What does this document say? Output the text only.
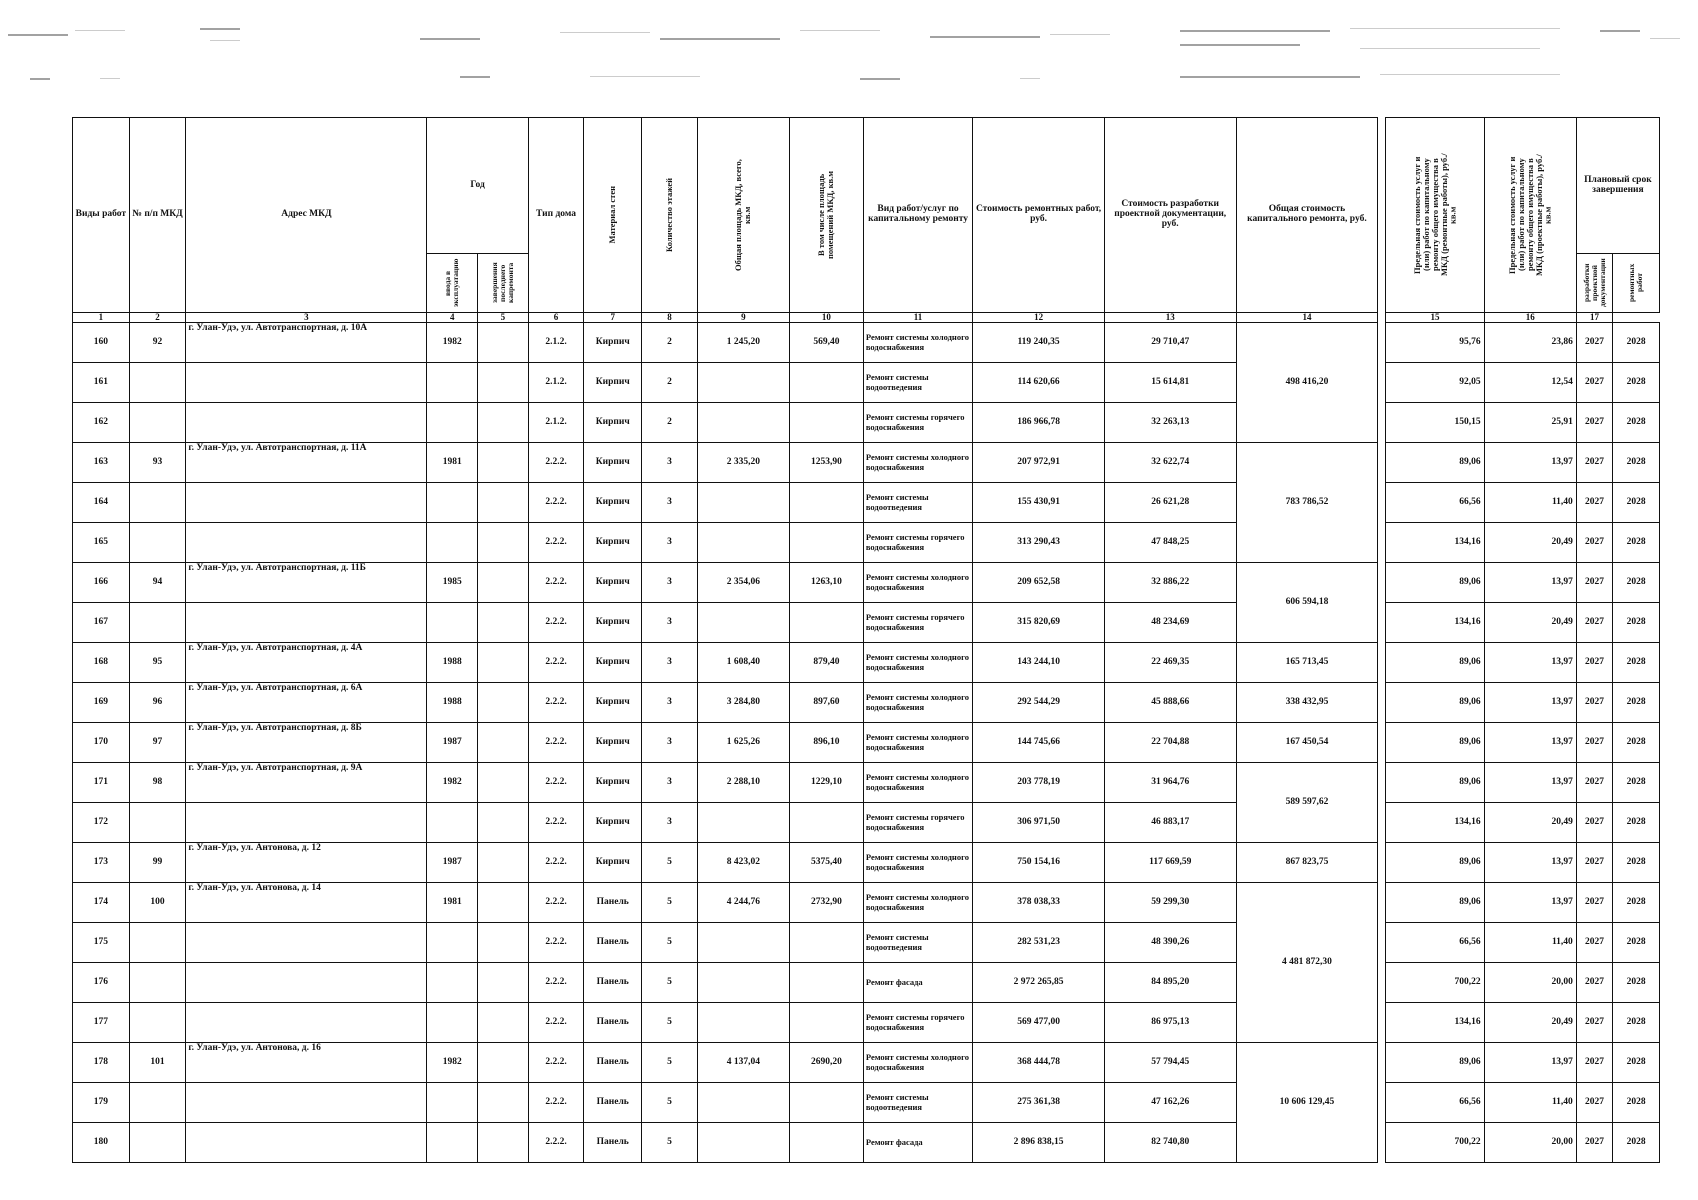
Виды работ	№ п/п МКД	Адрес МКД	Год		Тип дома	Материал стен	Количество этажей	Общая площадь МКД, всего, кв.м	В том числе площадь помещений МКД, кв.м	Вид работ/услуг по капитальному ремонту	Стоимость ремонтных работ, руб.	Стоимость разработки проектной документации, руб.	Общая стоимость капитального ремонта, руб.		Предельная стоимость услуг и (или) работ по капитальному ремонту общего имущества в МКД (ремонтные работы), руб./кв.м	Предельная стоимость услуг и (или) работ по капитальному ремонту общего имущества в МКД (проектные работы), руб./кв.м	Плановый срок завершения	

			ввода в эксплуатацию	завершения последнего капремонта													разработки проектной документации	ремонтных работ

1	2	3	4	5	6	7	8	9	10	11	12	13	14		15	16	17	
160	92	г. Улан-Удэ, ул. Автотранспортная, д. 10А	1982		2.1.2.	Кирпич	2	1 245,20	569,40	Ремонт системы холодного водоснабжения	119 240,35	29 710,47	498 416,20		95,76	23,86	2027	2028
161					2.1.2.	Кирпич	2			Ремонт системы водоотведения	114 620,66	15 614,81			92,05	12,54	2027	2028
162					2.1.2.	Кирпич	2			Ремонт системы горячего водоснабжения	186 966,78	32 263,13			150,15	25,91	2027	2028
163	93	г. Улан-Удэ, ул. Автотранспортная, д. 11А	1981		2.2.2.	Кирпич	3	2 335,20	1253,90	Ремонт системы холодного водоснабжения	207 972,91	32 622,74	783 786,52		89,06	13,97	2027	2028
164					2.2.2.	Кирпич	3			Ремонт системы водоотведения	155 430,91	26 621,28			66,56	11,40	2027	2028
165					2.2.2.	Кирпич	3			Ремонт системы горячего водоснабжения	313 290,43	47 848,25			134,16	20,49	2027	2028
166	94	г. Улан-Удэ, ул. Автотранспортная, д. 11Б	1985		2.2.2.	Кирпич	3	2 354,06	1263,10	Ремонт системы холодного водоснабжения	209 652,58	32 886,22	606 594,18		89,06	13,97	2027	2028
167					2.2.2.	Кирпич	3			Ремонт системы горячего водоснабжения	315 820,69	48 234,69			134,16	20,49	2027	2028
168	95	г. Улан-Удэ, ул. Автотранспортная, д. 4А	1988		2.2.2.	Кирпич	3	1 608,40	879,40	Ремонт системы холодного водоснабжения	143 244,10	22 469,35	165 713,45		89,06	13,97	2027	2028
169	96	г. Улан-Удэ, ул. Автотранспортная, д. 6А	1988		2.2.2.	Кирпич	3	3 284,80	897,60	Ремонт системы холодного водоснабжения	292 544,29	45 888,66	338 432,95		89,06	13,97	2027	2028
170	97	г. Улан-Удэ, ул. Автотранспортная, д. 8Б	1987		2.2.2.	Кирпич	3	1 625,26	896,10	Ремонт системы холодного водоснабжения	144 745,66	22 704,88	167 450,54		89,06	13,97	2027	2028
171	98	г. Улан-Удэ, ул. Автотранспортная, д. 9А	1982		2.2.2.	Кирпич	3	2 288,10	1229,10	Ремонт системы холодного водоснабжения	203 778,19	31 964,76	589 597,62		89,06	13,97	2027	2028
172					2.2.2.	Кирпич	3			Ремонт системы горячего водоснабжения	306 971,50	46 883,17			134,16	20,49	2027	2028
173	99	г. Улан-Удэ, ул. Антонова, д. 12	1987		2.2.2.	Кирпич	5	8 423,02	5375,40	Ремонт системы холодного водоснабжения	750 154,16	117 669,59	867 823,75		89,06	13,97	2027	2028
174	100	г. Улан-Удэ, ул. Антонова, д. 14	1981		2.2.2.	Панель	5	4 244,76	2732,90	Ремонт системы холодного водоснабжения	378 038,33	59 299,30	4 481 872,30		89,06	13,97	2027	2028
175					2.2.2.	Панель	5			Ремонт системы водоотведения	282 531,23	48 390,26			66,56	11,40	2027	2028
176					2.2.2.	Панель	5			Ремонт фасада	2 972 265,85	84 895,20			700,22	20,00	2027	2028
177					2.2.2.	Панель	5			Ремонт системы горячего водоснабжения	569 477,00	86 975,13			134,16	20,49	2027	2028
178	101	г. Улан-Удэ, ул. Антонова, д. 16	1982		2.2.2.	Панель	5	4 137,04	2690,20	Ремонт системы холодного водоснабжения	368 444,78	57 794,45	10 606 129,45		89,06	13,97	2027	2028
179					2.2.2.	Панель	5			Ремонт системы водоотведения	275 361,38	47 162,26			66,56	11,40	2027	2028
180					2.2.2.	Панель	5			Ремонт фасада	2 896 838,15	82 740,80			700,22	20,00	2027	2028
